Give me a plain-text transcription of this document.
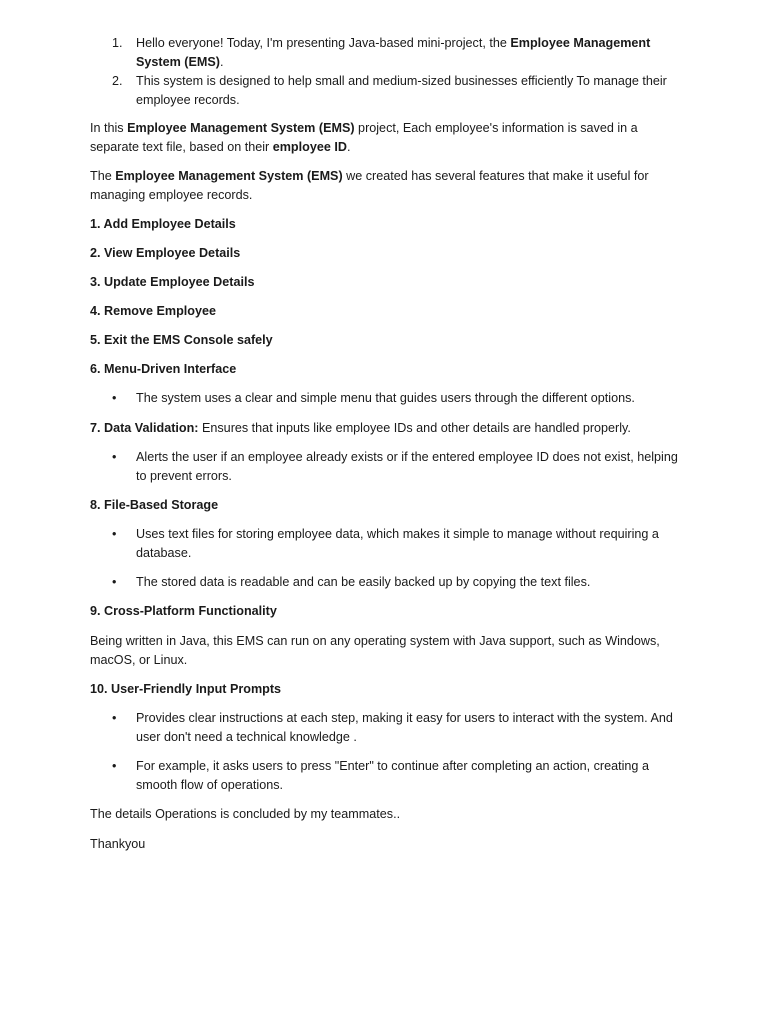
1. Hello everyone! Today, I'm presenting Java-based mini-project, the Employee Management System (EMS).
2. This system is designed to help small and medium-sized businesses efficiently To manage their employee records.

In this Employee Management System (EMS) project, Each employee's information is saved in a separate text file, based on their employee ID.

The Employee Management System (EMS) we created has several features that make it useful for managing employee records.

1. Add Employee Details

2. View Employee Details

3. Update Employee Details

4. Remove Employee

5. Exit the EMS Console safely

6. Menu-Driven Interface

• The system uses a clear and simple menu that guides users through the different options.

7. Data Validation: Ensures that inputs like employee IDs and other details are handled properly.

• Alerts the user if an employee already exists or if the entered employee ID does not exist, helping to prevent errors.

8. File-Based Storage

• Uses text files for storing employee data, which makes it simple to manage without requiring a database.
• The stored data is readable and can be easily backed up by copying the text files.

9. Cross-Platform Functionality

Being written in Java, this EMS can run on any operating system with Java support, such as Windows, macOS, or Linux.

10. User-Friendly Input Prompts

• Provides clear instructions at each step, making it easy for users to interact with the system. And user don't need a technical knowledge .
• For example, it asks users to press "Enter" to continue after completing an action, creating a smooth flow of operations.

The details Operations is concluded by my teammates..

Thankyou
